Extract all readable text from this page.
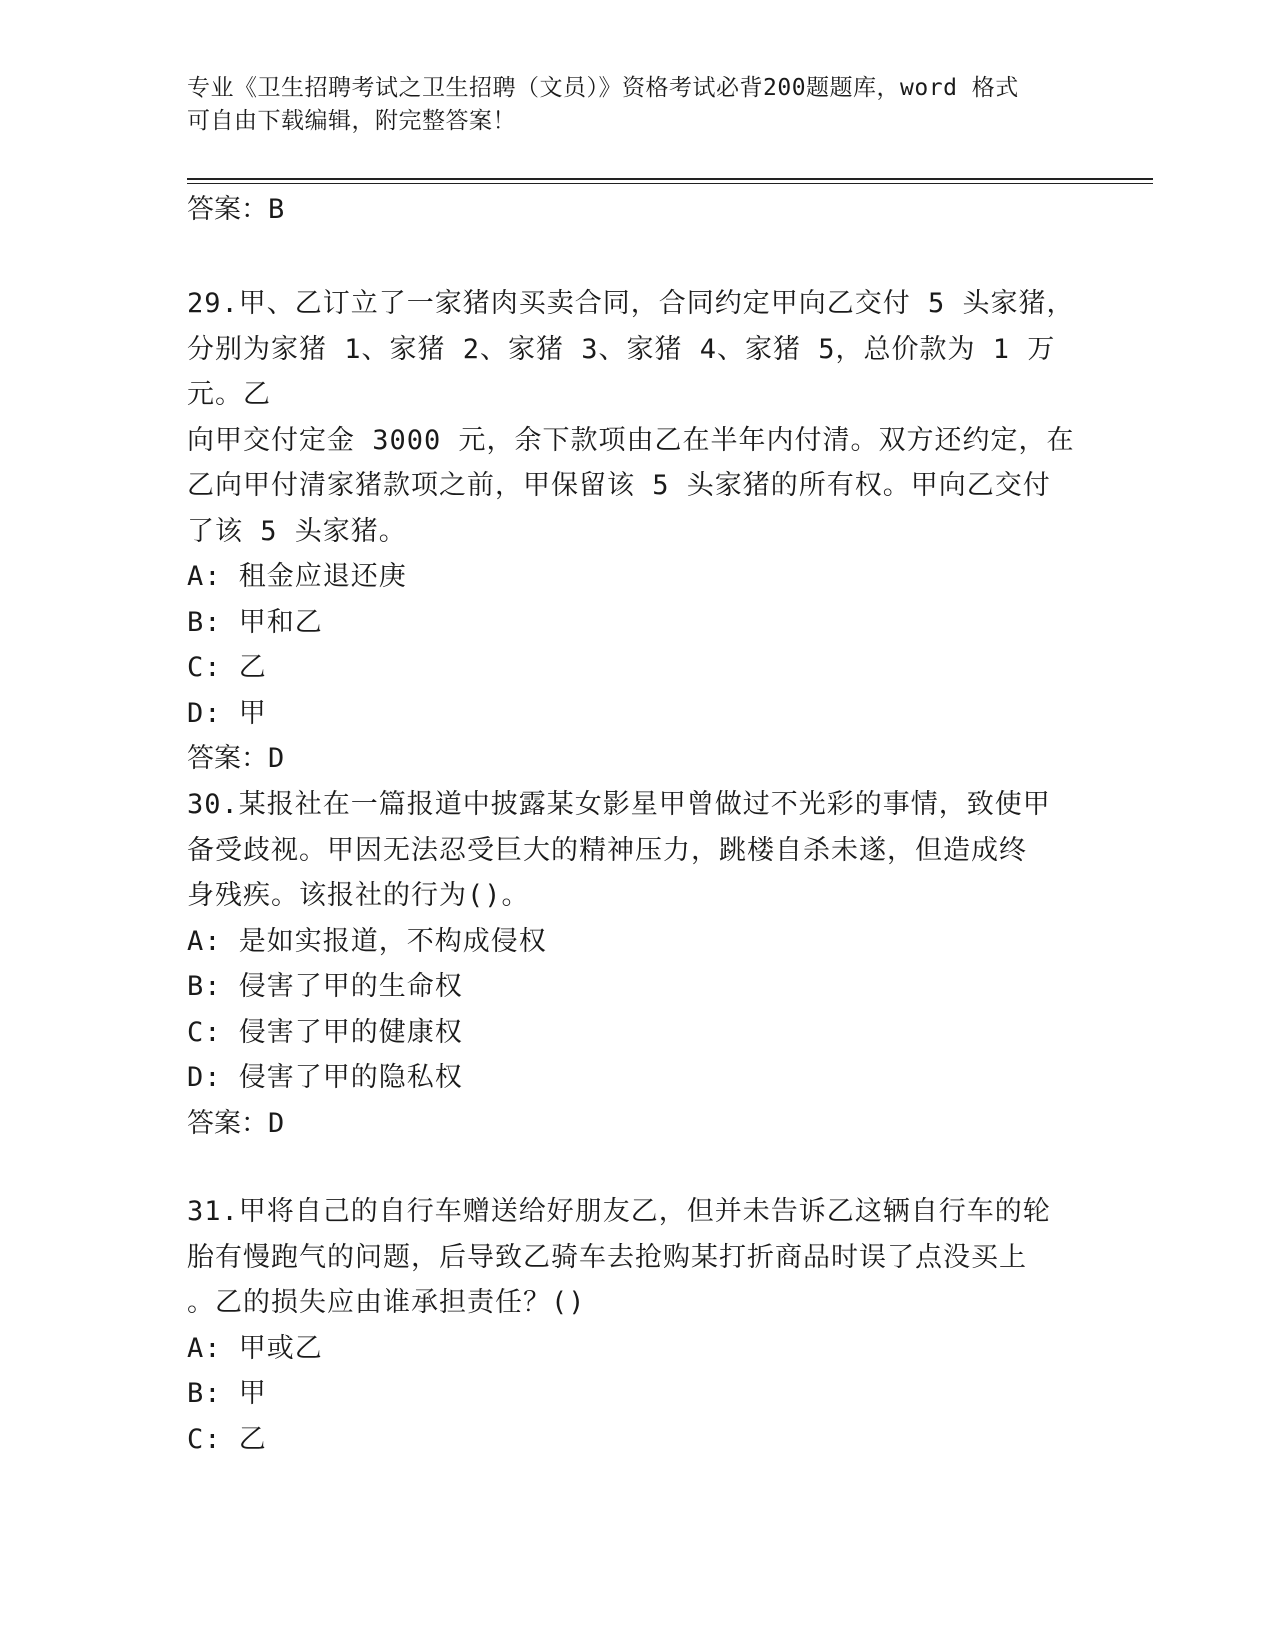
专业《卫生招聘考试之卫生招聘（文员）》资格考试必背200题题库，word 格式
可自由下载编辑，附完整答案！
答案：B
29.甲、乙订立了一家猪肉买卖合同，合同约定甲向乙交付 5 头家猪，
分别为家猪 1、家猪 2、家猪 3、家猪 4、家猪 5，总价款为 1 万元。乙
向甲交付定金 3000 元，余下款项由乙在半年内付清。双方还约定，在
乙向甲付清家猪款项之前，甲保留该 5 头家猪的所有权。甲向乙交付
了该 5 头家猪。
A: 租金应退还庚
B: 甲和乙
C: 乙
D: 甲
答案：D
30.某报社在一篇报道中披露某女影星甲曾做过不光彩的事情，致使甲
备受歧视。甲因无法忍受巨大的精神压力，跳楼自杀未遂，但造成终
身残疾。该报社的行为()。
A: 是如实报道，不构成侵权
B: 侵害了甲的生命权
C: 侵害了甲的健康权
D: 侵害了甲的隐私权
答案：D
31.甲将自己的自行车赠送给好朋友乙，但并未告诉乙这辆自行车的轮
胎有慢跑气的问题，后导致乙骑车去抢购某打折商品时误了点没买上
。乙的损失应由谁承担责任？()
A: 甲或乙
B: 甲
C: 乙
